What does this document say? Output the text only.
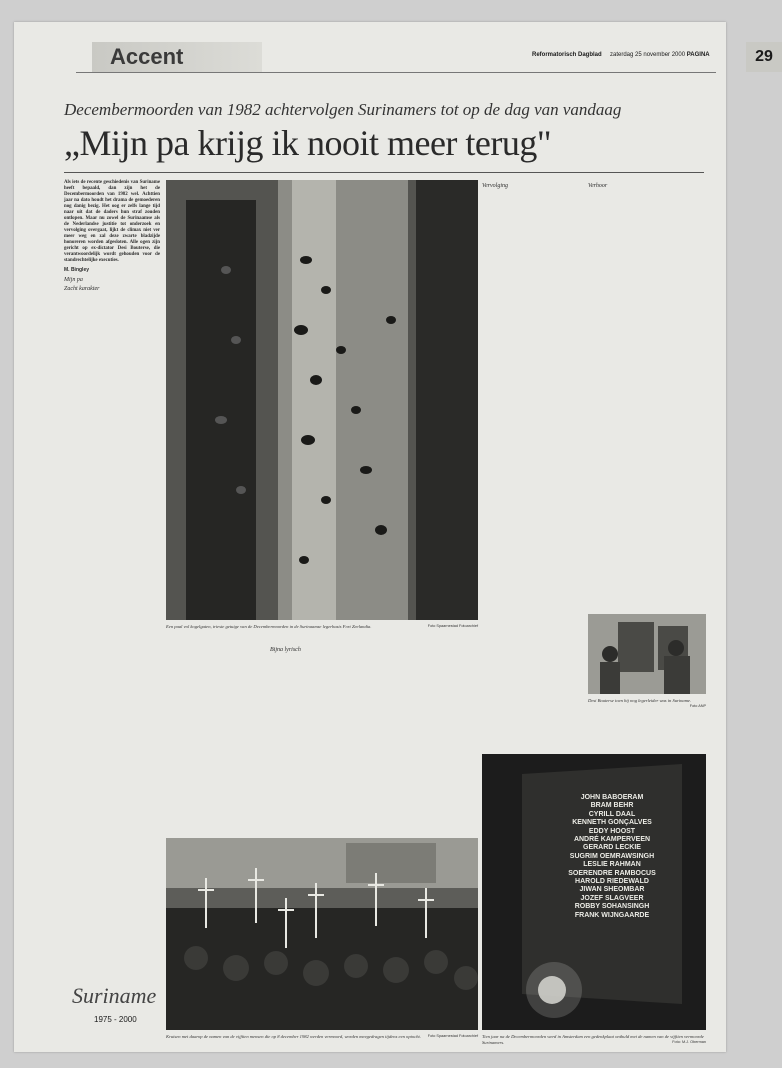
Accent	Reformatorisch Dagblad zaterdag 25 november 2000 PAGINA	29
Decembermoorden van 1982 achtervolgen Surinamers tot op de dag van vandaag
„Mijn pa krijg ik nooit meer terug"
Als iets de recente geschiedenis van Suriname heeft bepaald, dan zijn het de Decembermoorden van 1982 wel. Achttien jaar na dato houdt het drama de gemoederen nog danig bezig. Het oog er zelfs lange tijd naar uit dat de daders hun straf zouden ontlopen. Maar nu zowel de Surinaamse als de Nederlandse justitie tot onderzoek en vervolging overgaat, lijkt de climax niet ver meer weg en zal deze zwarte bladzijde honoreren worden afgesloten. Alle ogen zijn gericht op ex-dictator Desi Bouterse, die verantwoordelijk wordt gehouden voor de standrechtelijke executies.
M. Bingley
Mijn pa
Zacht karakter
Een paal vol kogelgaten, trieste getuige van de Decembermoorden in de Surinaamse legerbasis Fort Zeelandia.	Foto Spaarnestad Fotoarchief
Bijna lyrisch
Kruisen met daarop de namen van de vijftien mensen die op 8 december 1982 werden vermoord, worden meegedragen tijdens een optocht. Foto Spaarnestad Fotoarchief
Vervolging	Verhoor
Desi Bouterse toen hij nog legerleider was in Suriname.
Foto ANP
JOHN BABOERAM
BRAM BEHR
CYRILL DAAL
KENNETH GONÇALVES
EDDY HOOST
ANDRÉ KAMPERVEEN
GERARD LECKIE
SUGRIM OEMRAWSINGH
LESLIE RAHMAN
SOERENDRE RAMBOCUS
HAROLD RIEDEWALD
JIWAN SHEOMBAR
JOZEF SLAGVEER
ROBBY SOHANSINGH
FRANK WIJNGAARDE
Tien jaar na de Decembermoorden werd in Amsterdam een gedenkplaat onthuld met de namen van de vijftien vermoorde Surinamers.	Foto: M.J. Oberman
Suriname
1975 - 2000
